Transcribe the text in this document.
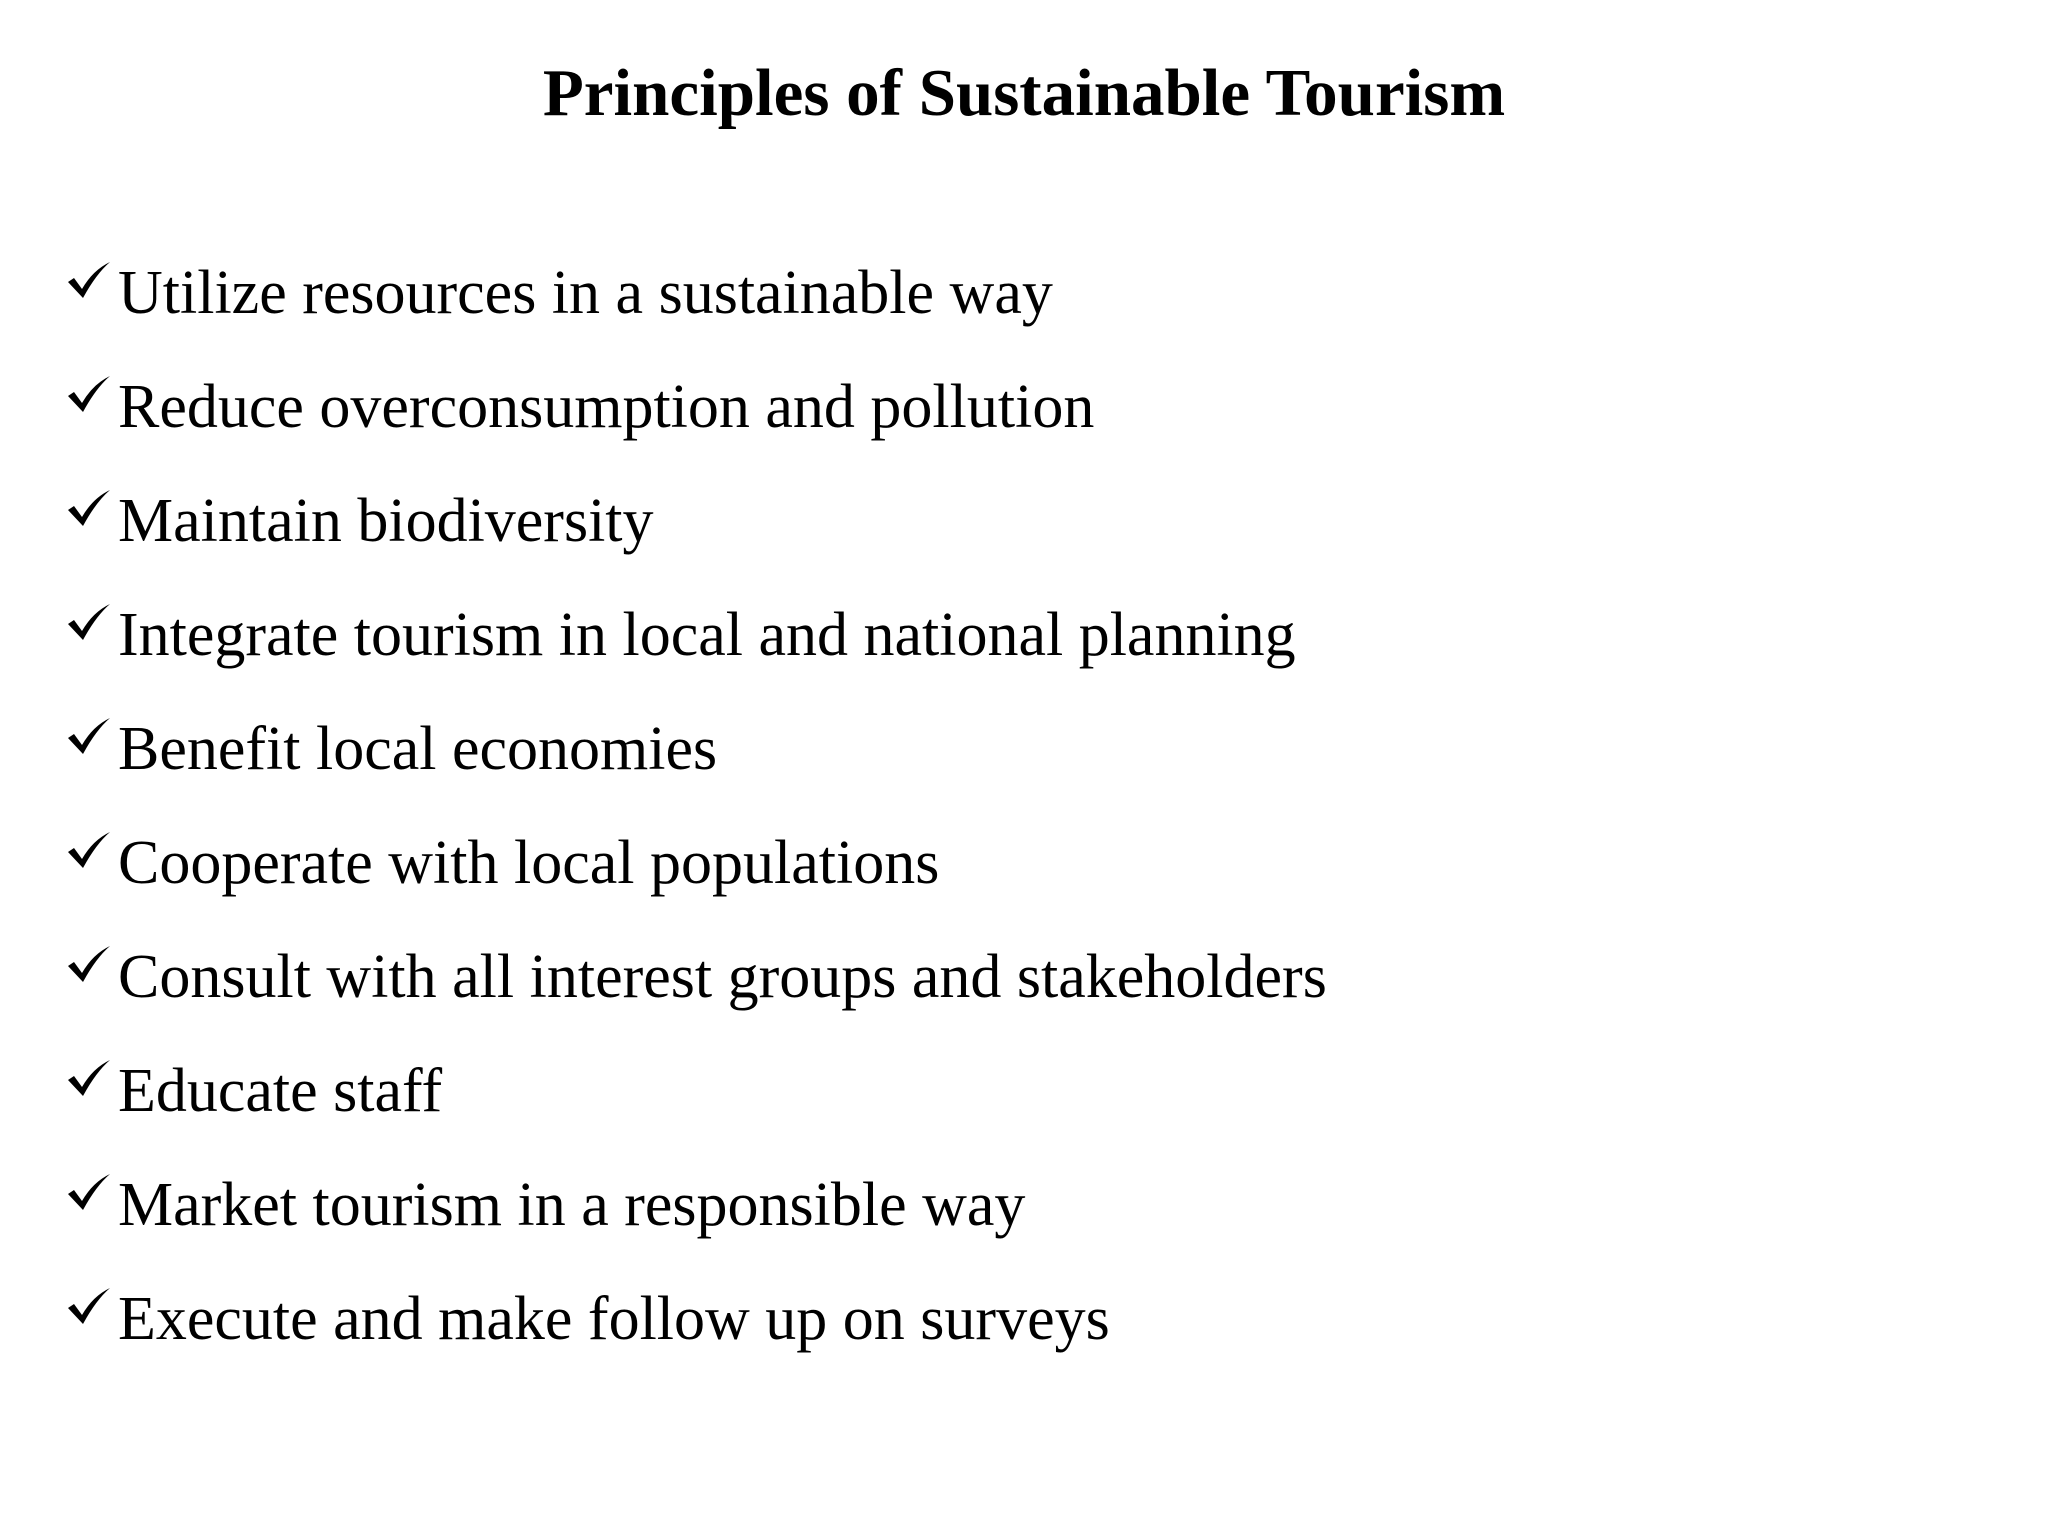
Principles of Sustainable Tourism
Utilize resources in a sustainable way
Reduce overconsumption and pollution
Maintain biodiversity
Integrate tourism in local and national planning
Benefit local economies
Cooperate with local populations
Consult with all interest groups and stakeholders
Educate staff
Market tourism in a responsible way
Execute and make follow up on surveys
